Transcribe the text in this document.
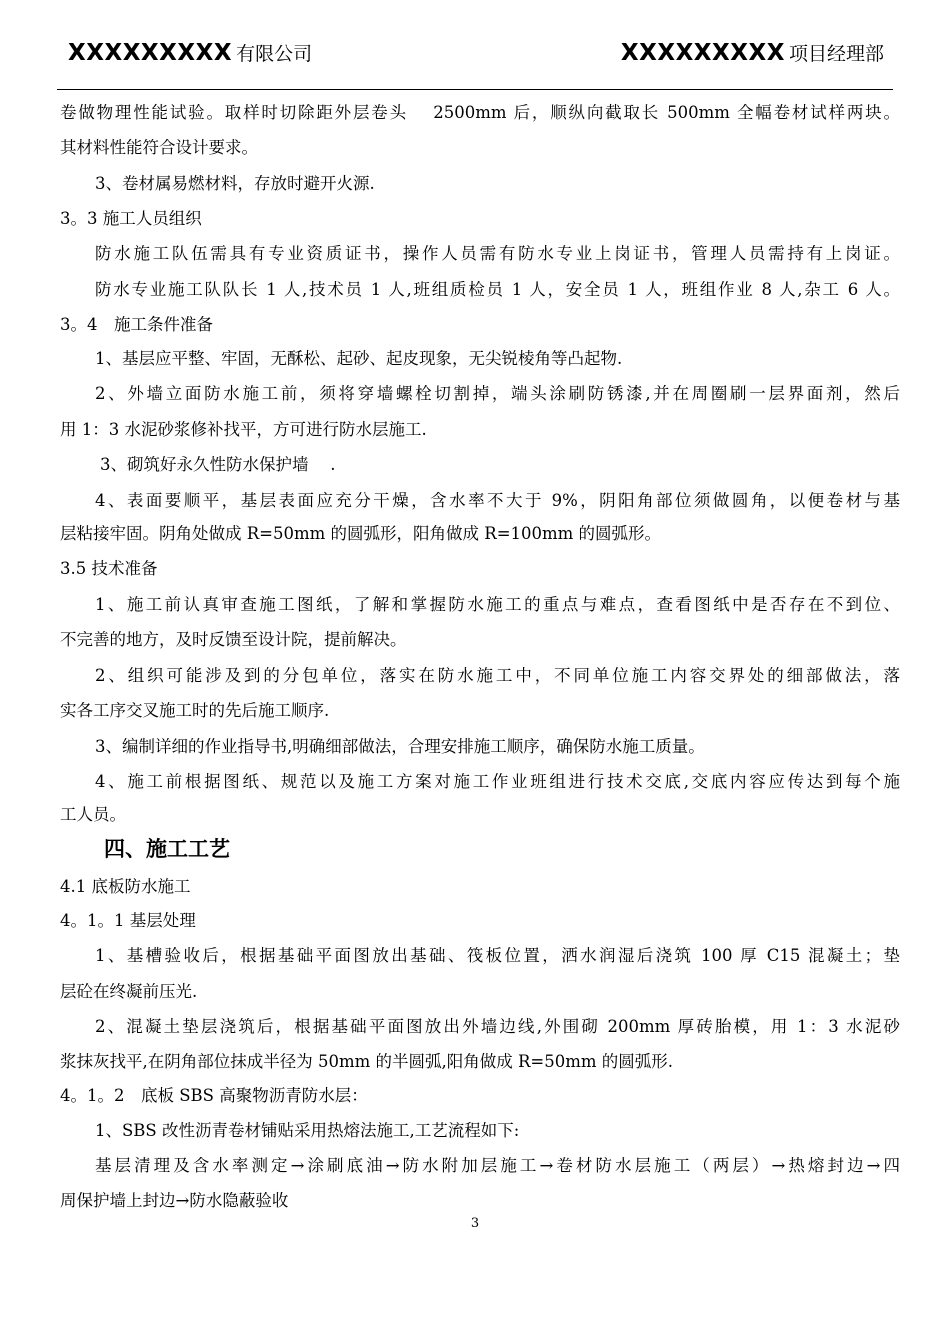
XXXXXXXXX 有限公司	XXXXXXXXX 项目经理部
卷做物理性能试验。取样时切除距外层卷头　 2500mm 后，顺纵向截取长 500mm 全幅卷材试样两块。
其材料性能符合设计要求。
3、卷材属易燃材料，存放时避开火源.
3。3 施工人员组织
防水施工队伍需具有专业资质证书，操作人员需有防水专业上岗证书，管理人员需持有上岗证。
防水专业施工队队长 1 人,技术员 1 人,班组质检员 1 人，安全员 1 人，班组作业 8 人,杂工 6 人。
3。4　施工条件准备
1、基层应平整、牢固，无酥松、起砂、起皮现象，无尖锐棱角等凸起物.
2、外墙立面防水施工前，须将穿墙螺栓切割掉，端头涂刷防锈漆,并在周圈刷一层界面剂，然后
用 1：3 水泥砂浆修补找平，方可进行防水层施工.
3、砌筑好永久性防水保护墙　 .
4、表面要顺平，基层表面应充分干燥，含水率不大于 9%，阴阳角部位须做圆角，以便卷材与基
层粘接牢固。阴角处做成 R=50mm 的圆弧形，阳角做成 R=100mm 的圆弧形。
3.5 技术准备
1、施工前认真审查施工图纸，了解和掌握防水施工的重点与难点，查看图纸中是否存在不到位、
不完善的地方，及时反馈至设计院，提前解决。
2、组织可能涉及到的分包单位，落实在防水施工中，不同单位施工内容交界处的细部做法，落
实各工序交叉施工时的先后施工顺序.
3、编制详细的作业指导书,明确细部做法，合理安排施工顺序，确保防水施工质量。
4、施工前根据图纸、规范以及施工方案对施工作业班组进行技术交底,交底内容应传达到每个施
工人员。
四、施工工艺
4.1 底板防水施工
4。1。1 基层处理
1、基槽验收后，根据基础平面图放出基础、筏板位置，洒水润湿后浇筑 100 厚 C15 混凝土；垫
层砼在终凝前压光.
2、混凝土垫层浇筑后，根据基础平面图放出外墙边线,外围砌 200mm 厚砖胎模，用 1：3 水泥砂
浆抹灰找平,在阴角部位抹成半径为 50mm 的半圆弧,阳角做成 R=50mm 的圆弧形.
4。1。2　底板 SBS 高聚物沥青防水层：
1、SBS 改性沥青卷材铺贴采用热熔法施工,工艺流程如下:
基层清理及含水率测定→涂刷底油→防水附加层施工→卷材防水层施工（两层）→热熔封边→四
周保护墙上封边→防水隐蔽验收
3
